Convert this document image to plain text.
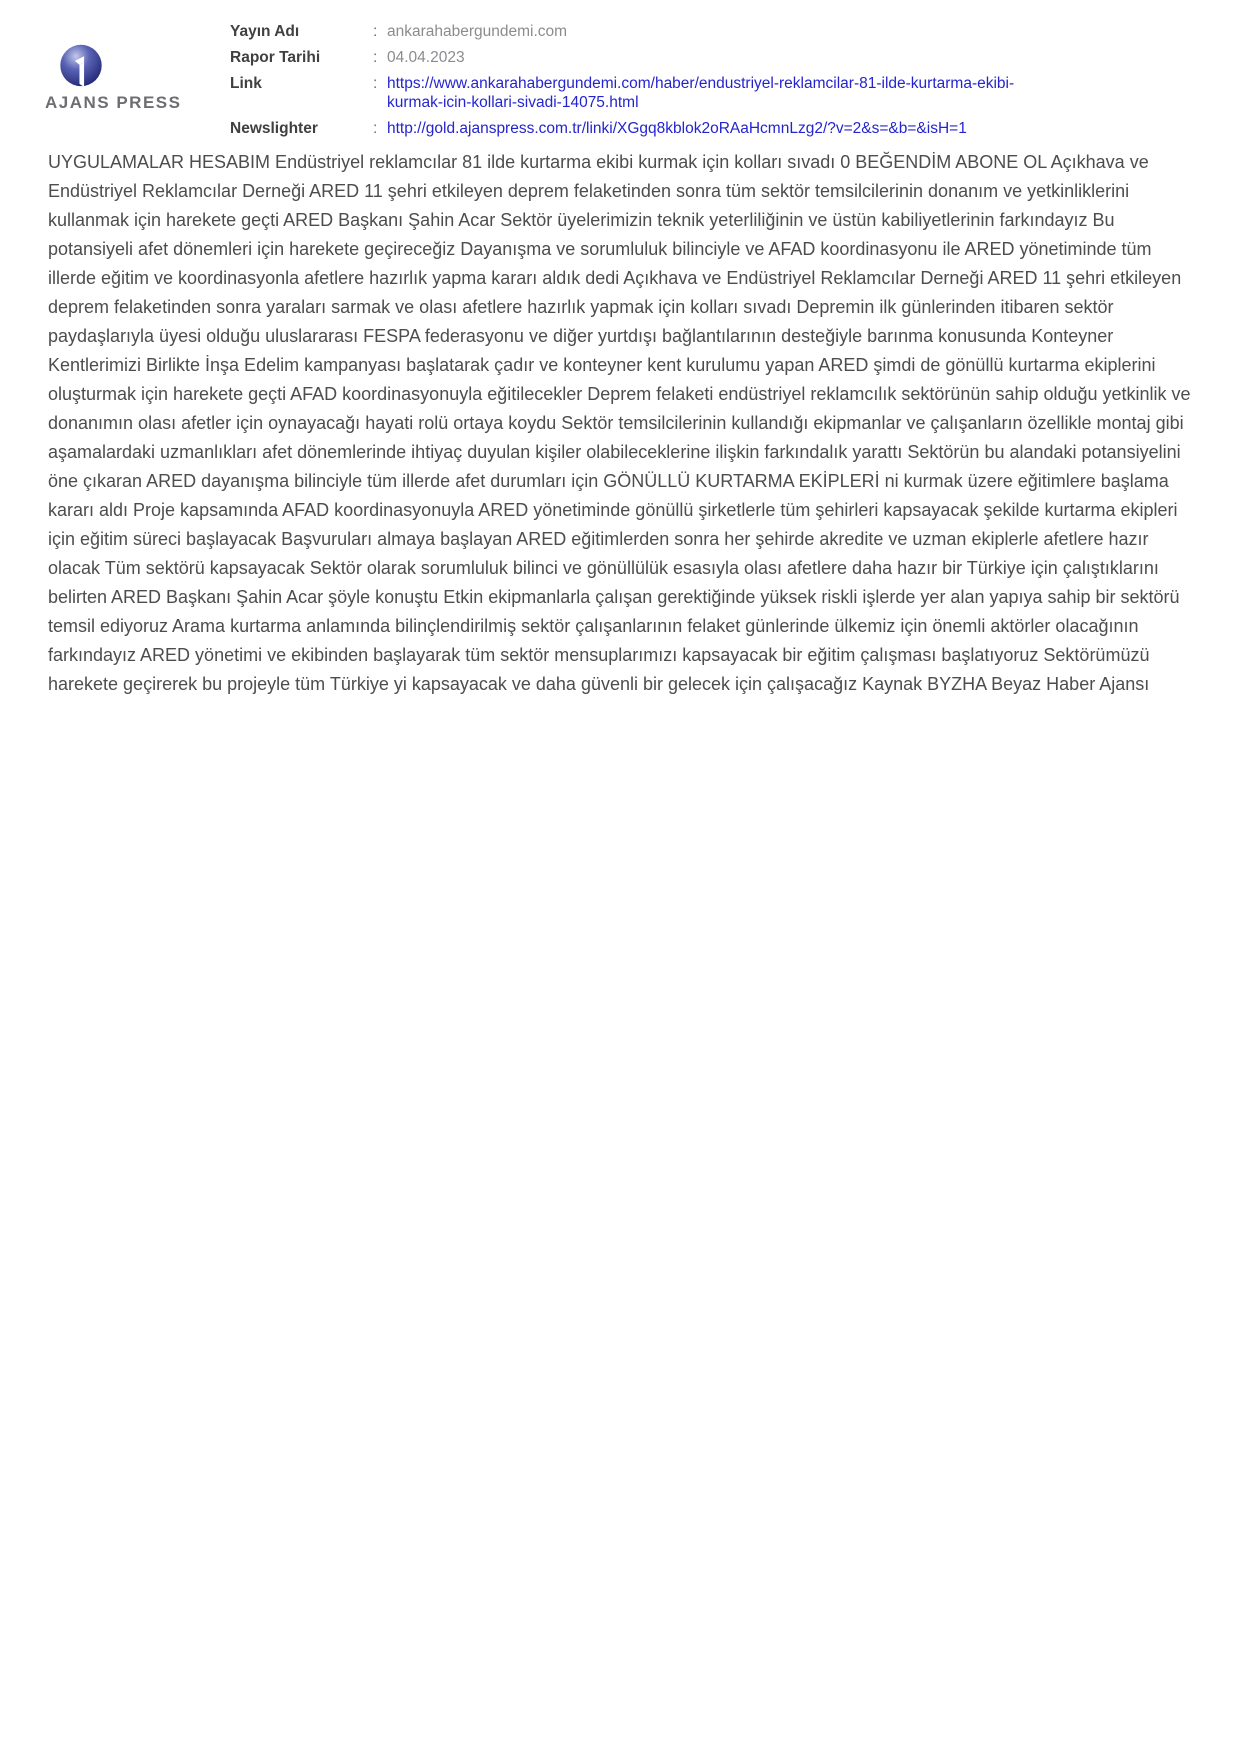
AJANS PRESS
Yayın Adı	: ankarahabergundemi.com
Rapor Tarihi	: 04.04.2023
Link	: https://www.ankarahabergundemi.com/haber/endustriyel-reklamcilar-81-ilde-kurtarma-ekibi-kurmak-icin-kollari-sivadi-14075.html
Newslighter	: http://gold.ajanspress.com.tr/linki/XGgq8kblok2oRAaHcmnLzg2/?v=2&s=&b=&isH=1

UYGULAMALAR HESABIM Endüstriyel reklamcılar 81 ilde kurtarma ekibi kurmak için kolları sıvadı 0 BEĞENDİM ABONE OL Açıkhava ve Endüstriyel Reklamcılar Derneği ARED 11 şehri etkileyen deprem felaketinden sonra tüm sektör temsilcilerinin donanım ve yetkinliklerini kullanmak için harekete geçti ARED Başkanı Şahin Acar Sektör üyelerimizin teknik yeterliliğinin ve üstün kabiliyetlerinin farkındayız Bu potansiyeli afet dönemleri için harekete geçireceğiz Dayanışma ve sorumluluk bilinciyle ve AFAD koordinasyonu ile ARED yönetiminde tüm illerde eğitim ve koordinasyonla afetlere hazırlık yapma kararı aldık dedi Açıkhava ve Endüstriyel Reklamcılar Derneği ARED 11 şehri etkileyen deprem felaketinden sonra yaraları sarmak ve olası afetlere hazırlık yapmak için kolları sıvadı Depremin ilk günlerinden itibaren sektör paydaşlarıyla üyesi olduğu uluslararası FESPA federasyonu ve diğer yurtdışı bağlantılarının desteğiyle barınma konusunda Konteyner Kentlerimizi Birlikte İnşa Edelim kampanyası başlatarak çadır ve konteyner kent kurulumu yapan ARED şimdi de gönüllü kurtarma ekiplerini oluşturmak için harekete geçti AFAD koordinasyonuyla eğitilecekler Deprem felaketi endüstriyel reklamcılık sektörünün sahip olduğu yetkinlik ve donanımın olası afetler için oynayacağı hayati rolü ortaya koydu Sektör temsilcilerinin kullandığı ekipmanlar ve çalışanların özellikle montaj gibi aşamalardaki uzmanlıkları afet dönemlerinde ihtiyaç duyulan kişiler olabileceklerine ilişkin farkındalık yarattı Sektörün bu alandaki potansiyelini öne çıkaran ARED dayanışma bilinciyle tüm illerde afet durumları için GÖNÜLLÜ KURTARMA EKİPLERİ ni kurmak üzere eğitimlere başlama kararı aldı Proje kapsamında AFAD koordinasyonuyla ARED yönetiminde gönüllü şirketlerle tüm şehirleri kapsayacak şekilde kurtarma ekipleri için eğitim süreci başlayacak Başvuruları almaya başlayan ARED eğitimlerden sonra her şehirde akredite ve uzman ekiplerle afetlere hazır olacak Tüm sektörü kapsayacak Sektör olarak sorumluluk bilinci ve gönüllülük esasıyla olası afetlere daha hazır bir Türkiye için çalıştıklarını belirten ARED Başkanı Şahin Acar şöyle konuştu Etkin ekipmanlarla çalışan gerektiğinde yüksek riskli işlerde yer alan yapıya sahip bir sektörü temsil ediyoruz Arama kurtarma anlamında bilinçlendirilmiş sektör çalışanlarının felaket günlerinde ülkemiz için önemli aktörler olacağının farkındayız ARED yönetimi ve ekibinden başlayarak tüm sektör mensuplarımızı kapsayacak bir eğitim çalışması başlatıyoruz Sektörümüzü harekete geçirerek bu projeyle tüm Türkiye yi kapsayacak ve daha güvenli bir gelecek için çalışacağız Kaynak BYZHA Beyaz Haber Ajansı
